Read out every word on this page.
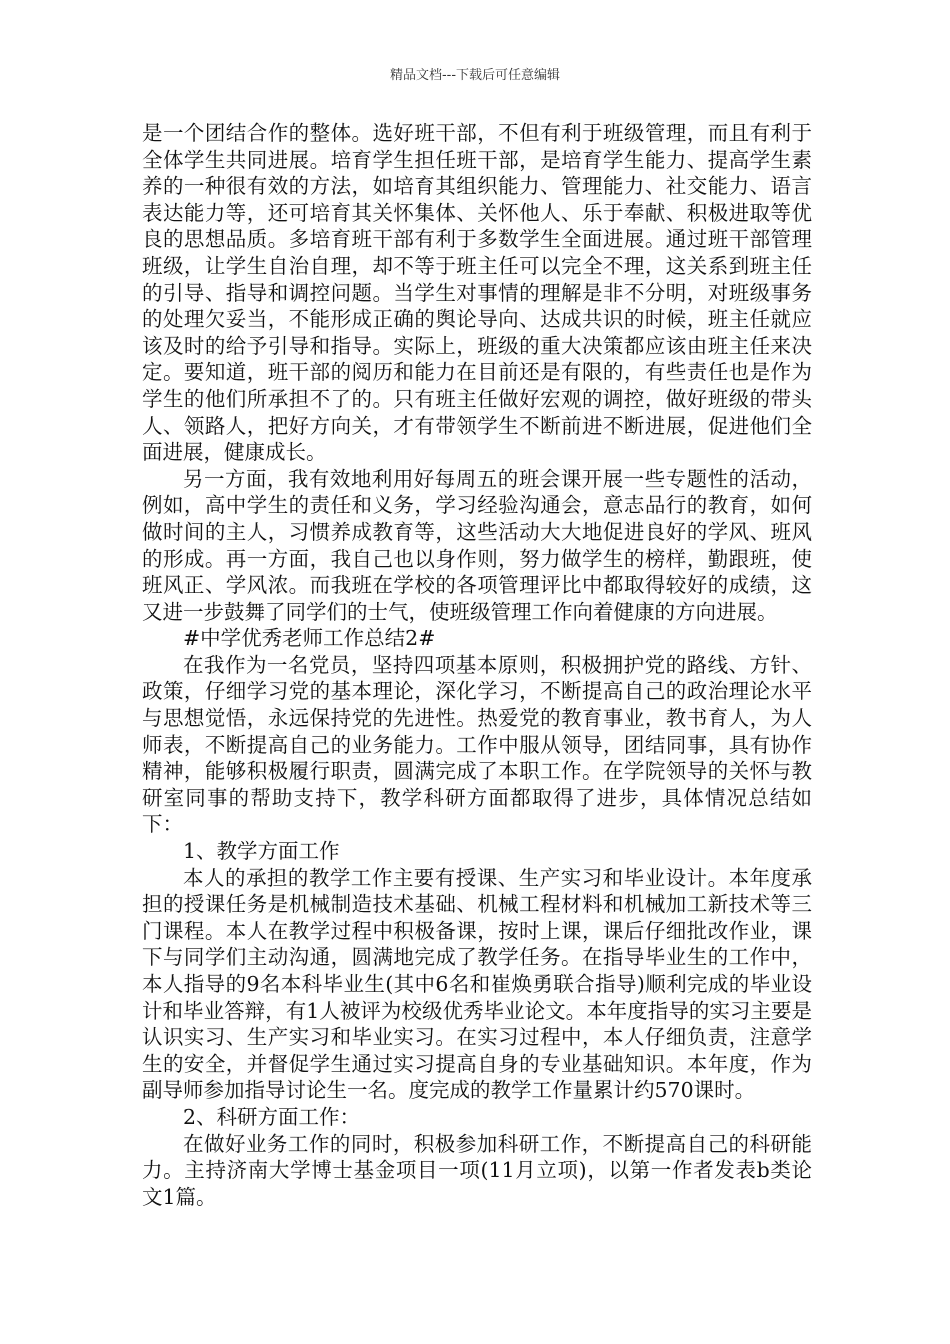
精品文档---下载后可任意编辑

是一个团结合作的整体。选好班干部，不但有利于班级管理，而且有利于全体学生共同进展。培育学生担任班干部，是培育学生能力、提高学生素养的一种很有效的方法，如培育其组织能力、管理能力、社交能力、语言表达能力等，还可培育其关怀集体、关怀他人、乐于奉献、积极进取等优良的思想品质。多培育班干部有利于多数学生全面进展。通过班干部管理班级，让学生自治自理，却不等于班主任可以完全不理，这关系到班主任的引导、指导和调控问题。当学生对事情的理解是非不分明，对班级事务的处理欠妥当，不能形成正确的舆论导向、达成共识的时候，班主任就应该及时的给予引导和指导。实际上，班级的重大决策都应该由班主任来决定。要知道，班干部的阅历和能力在目前还是有限的，有些责任也是作为学生的他们所承担不了的。只有班主任做好宏观的调控，做好班级的带头人、领路人，把好方向关，才有带领学生不断前进不断进展，促进他们全面进展，健康成长。

另一方面，我有效地利用好每周五的班会课开展一些专题性的活动，例如，高中学生的责任和义务，学习经验沟通会，意志品行的教育，如何做时间的主人，习惯养成教育等，这些活动大大地促进良好的学风、班风的形成。再一方面，我自己也以身作则，努力做学生的榜样，勤跟班，使班风正、学风浓。而我班在学校的各项管理评比中都取得较好的成绩，这又进一步鼓舞了同学们的士气，使班级管理工作向着健康的方向进展。

#中学优秀老师工作总结2#

在我作为一名党员，坚持四项基本原则，积极拥护党的路线、方针、政策，仔细学习党的基本理论，深化学习，不断提高自己的政治理论水平与思想觉悟，永远保持党的先进性。热爱党的教育事业，教书育人，为人师表，不断提高自己的业务能力。工作中服从领导，团结同事，具有协作精神，能够积极履行职责，圆满完成了本职工作。在学院领导的关怀与教研室同事的帮助支持下，教学科研方面都取得了进步，具体情况总结如下：

1、教学方面工作

本人的承担的教学工作主要有授课、生产实习和毕业设计。本年度承担的授课任务是机械制造技术基础、机械工程材料和机械加工新技术等三门课程。本人在教学过程中积极备课，按时上课，课后仔细批改作业，课下与同学们主动沟通，圆满地完成了教学任务。在指导毕业生的工作中，本人指导的9名本科毕业生(其中6名和崔焕勇联合指导)顺利完成的毕业设计和毕业答辩，有1人被评为校级优秀毕业论文。本年度指导的实习主要是认识实习、生产实习和毕业实习。在实习过程中，本人仔细负责，注意学生的安全，并督促学生通过实习提高自身的专业基础知识。本年度，作为副导师参加指导讨论生一名。度完成的教学工作量累计约570课时。

2、科研方面工作：

在做好业务工作的同时，积极参加科研工作，不断提高自己的科研能力。主持济南大学博士基金项目一项(11月立项)，以第一作者发表b类论文1篇。
